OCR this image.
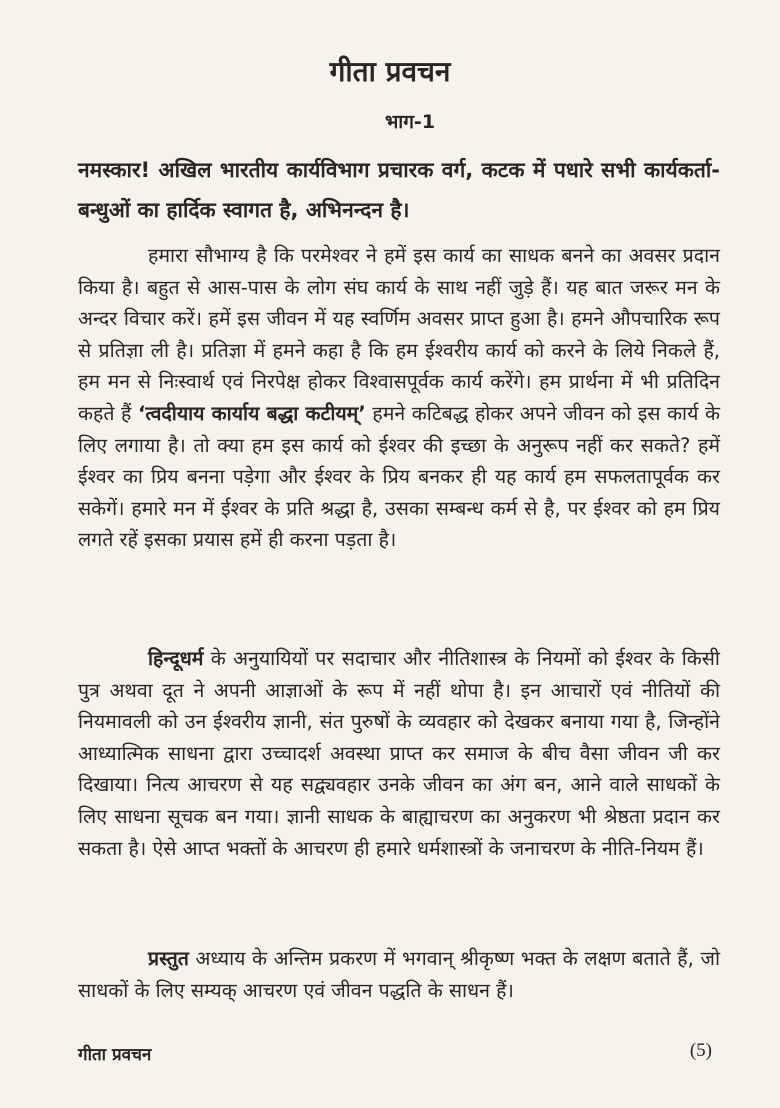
गीता प्रवचन
भाग-1
नमस्कार! अखिल भारतीय कार्यविभाग प्रचारक वर्ग, कटक में पधारे सभी कार्यकर्ता-बन्धुओं का हार्दिक स्वागत है, अभिनन्दन है।

हमारा सौभाग्य है कि परमेश्वर ने हमें इस कार्य का साधक बनने का अवसर प्रदान किया है। बहुत से आस-पास के लोग संघ कार्य के साथ नहीं जुड़े हैं। यह बात जरूर मन के अन्दर विचार करें। हमें इस जीवन में यह स्वर्णिम अवसर प्राप्त हुआ है। हमने औपचारिक रूप से प्रतिज्ञा ली है। प्रतिज्ञा में हमने कहा है कि हम ईश्वरीय कार्य को करने के लिये निकले हैं, हम मन से निःस्वार्थ एवं निरपेक्ष होकर विश्वासपूर्वक कार्य करेंगे। हम प्रार्थना में भी प्रतिदिन कहते हैं ‘त्वदीयाय कार्याय बद्धा कटीयम्’ हमने कटिबद्ध होकर अपने जीवन को इस कार्य के लिए लगाया है। तो क्या हम इस कार्य को ईश्वर की इच्छा के अनुरूप नहीं कर सकते? हमें ईश्वर का प्रिय बनना पड़ेगा और ईश्वर के प्रिय बनकर ही यह कार्य हम सफलतापूर्वक कर सकेगें। हमारे मन में ईश्वर के प्रति श्रद्धा है, उसका सम्बन्ध कर्म से है, पर ईश्वर को हम प्रिय लगते रहें इसका प्रयास हमें ही करना पड़ता है।

हिन्दूधर्म के अनुयायियों पर सदाचार और नीतिशास्त्र के नियमों को ईश्वर के किसी पुत्र अथवा दूत ने अपनी आज्ञाओं के रूप में नहीं थोपा है। इन आचारों एवं नीतियों की नियमावली को उन ईश्वरीय ज्ञानी, संत पुरुषों के व्यवहार को देखकर बनाया गया है, जिन्होंने आध्यात्मिक साधना द्वारा उच्चादर्श अवस्था प्राप्त कर समाज के बीच वैसा जीवन जी कर दिखाया। नित्य आचरण से यह सद्व्यवहार उनके जीवन का अंग बन, आने वाले साधकों के लिए साधना सूचक बन गया। ज्ञानी साधक के बाह्याचरण का अनुकरण भी श्रेष्ठता प्रदान कर सकता है। ऐसे आप्त भक्तों के आचरण ही हमारे धर्मशास्त्रों के जनाचरण के नीति-नियम हैं।

प्रस्तुत अध्याय के अन्तिम प्रकरण में भगवान् श्रीकृष्ण भक्त के लक्षण बताते हैं, जो साधकों के लिए सम्यक् आचरण एवं जीवन पद्धति के साधन हैं।

गीता प्रवचन	(5)
